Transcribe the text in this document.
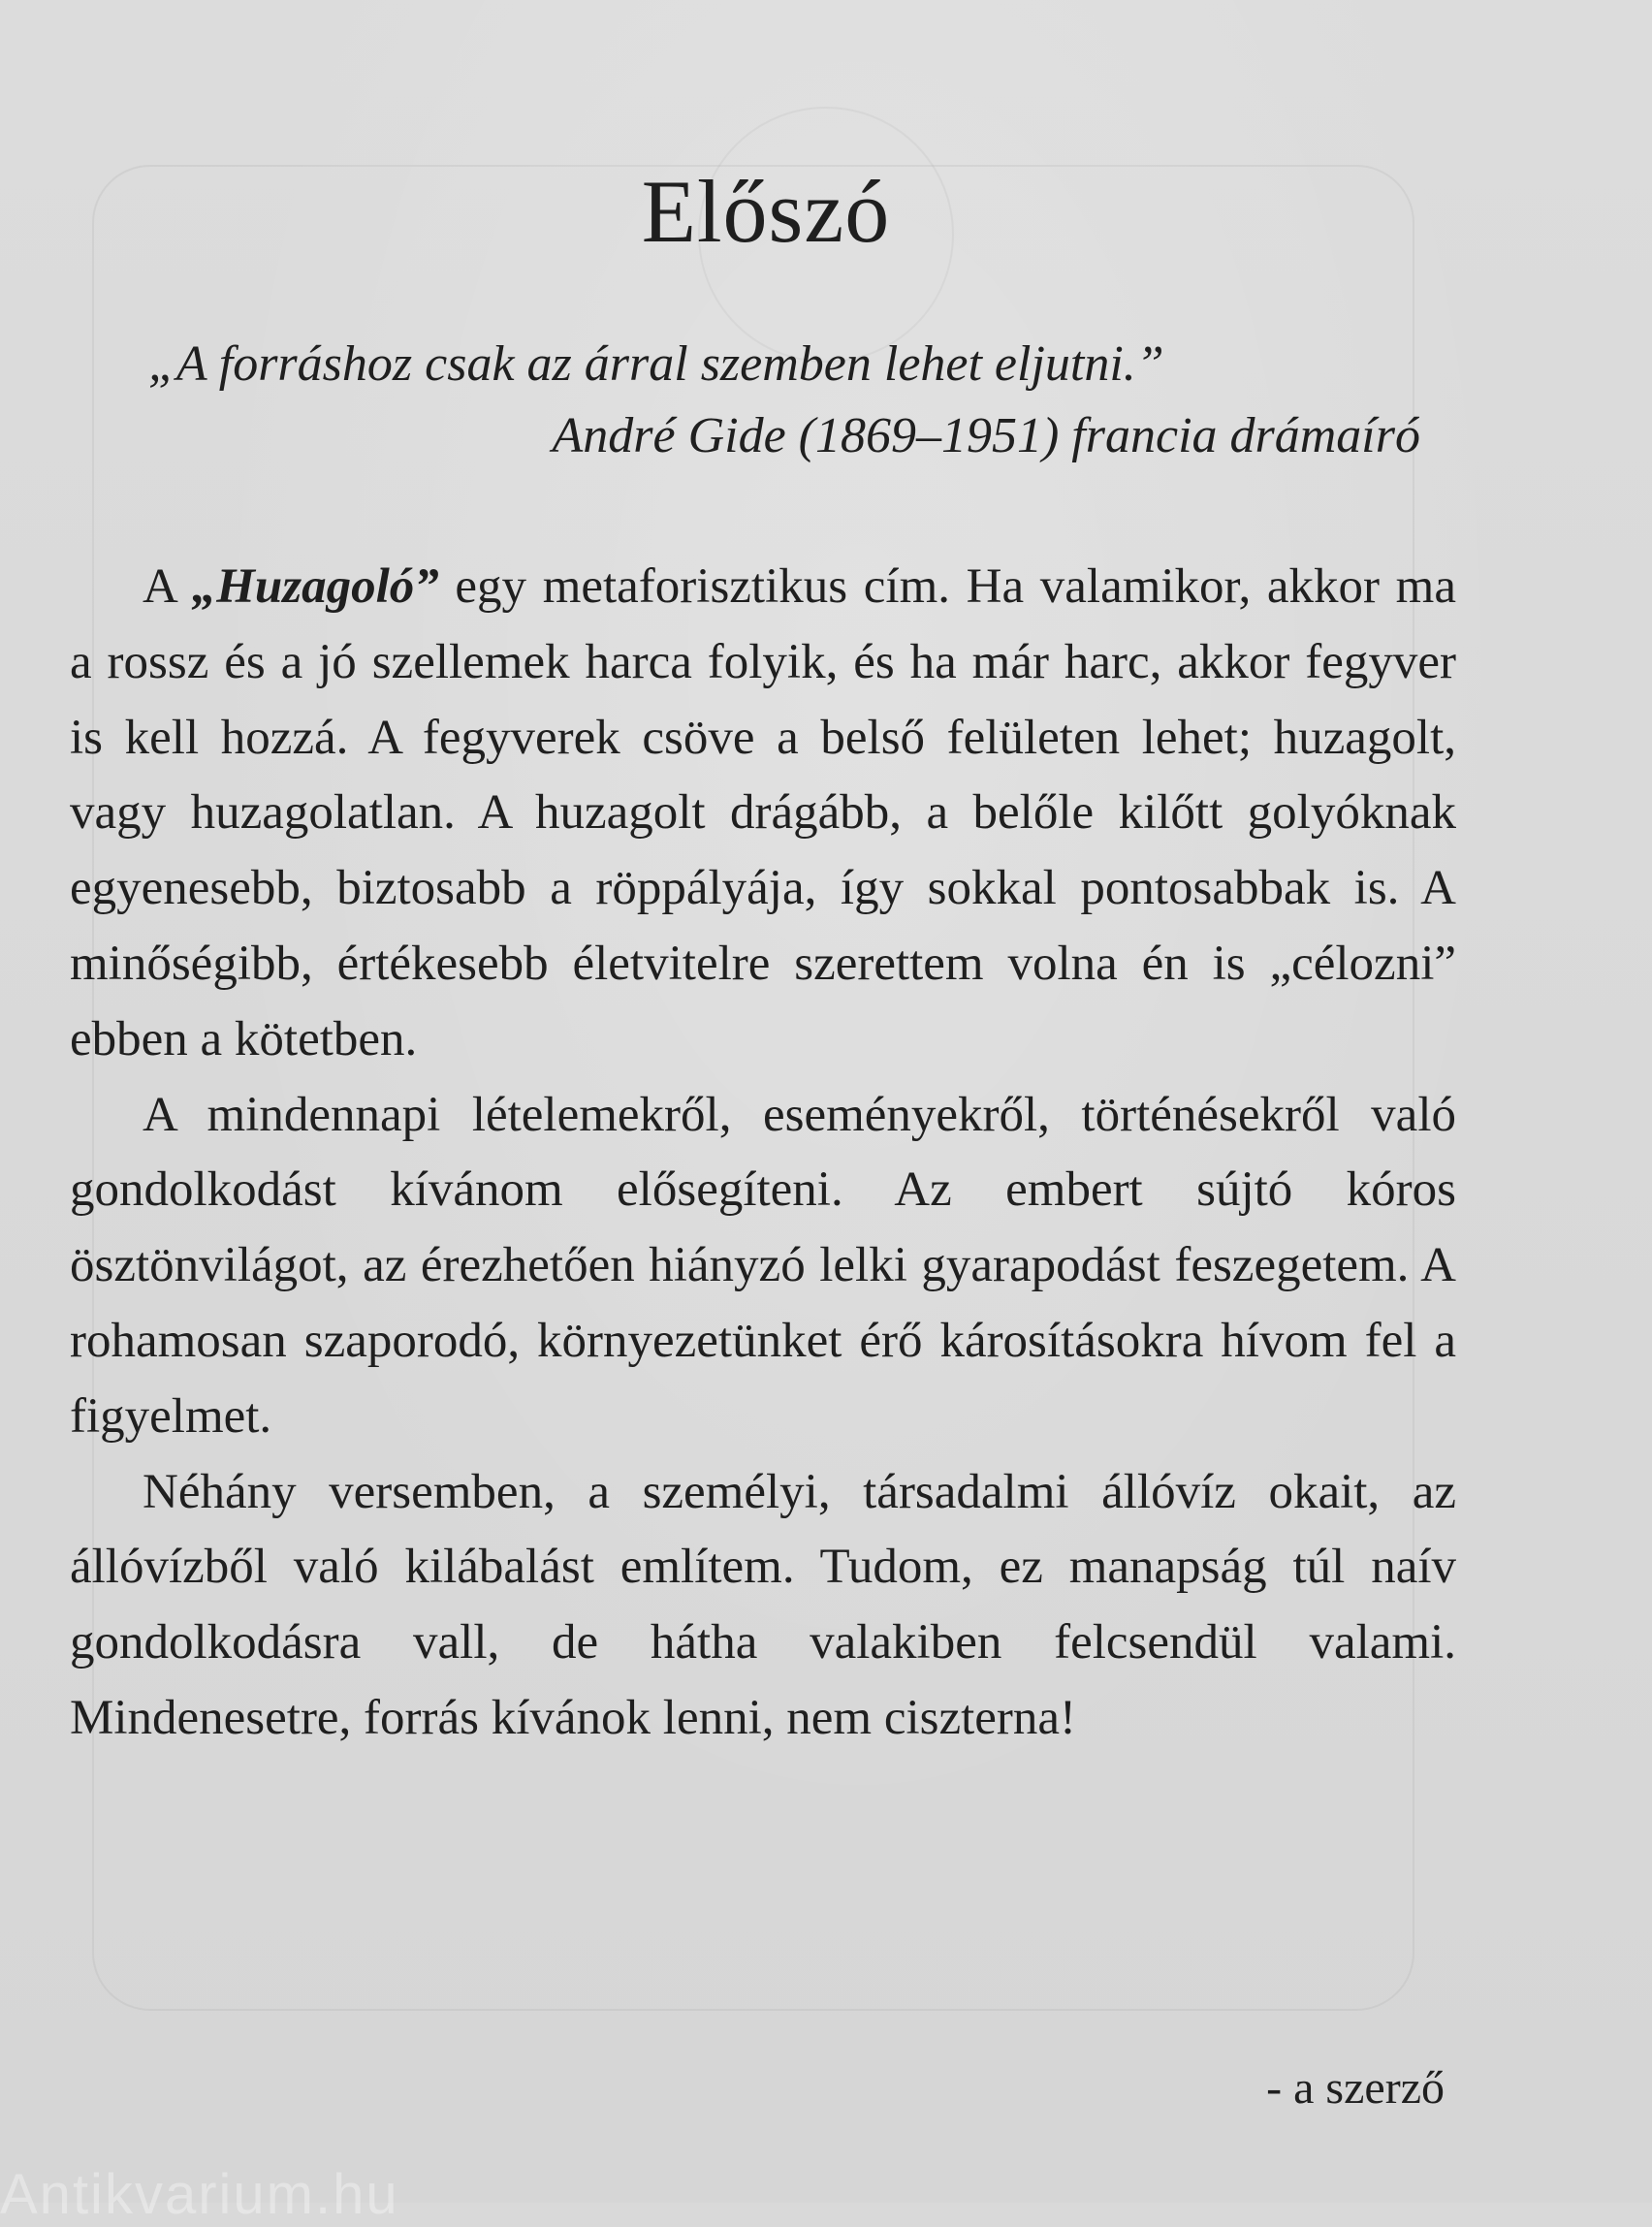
Előszó
„A forráshoz csak az árral szemben lehet eljutni.”
André Gide (1869–1951) francia drámaíró

A „Huzagoló” egy metaforisztikus cím. Ha valamikor, akkor ma a rossz és a jó szellemek harca folyik, és ha már harc, akkor fegyver is kell hozzá. A fegyverek csöve a belső felületen lehet; huzagolt, vagy huzagolatlan. A huzagolt drágább, a belőle kilőtt golyóknak egyenesebb, biztosabb a röppályája, így sokkal pontosabbak is. A minőségibb, értékesebb életvitelre szerettem volna én is „célozni” ebben a kötetben.

A mindennapi lételemekről, eseményekről, történésekről való gondolkodást kívánom elősegíteni. Az embert sújtó kóros ösztönvilágot, az érezhetően hiányzó lelki gyarapodást feszegetem. A rohamosan szaporodó, környezetünket érő károsításokra hívom fel a figyelmet.

Néhány versemben, a személyi, társadalmi állóvíz okait, az állóvízből való kilábalást említem. Tudom, ez manapság túl naív gondolkodásra vall, de hátha valakiben felcsendül valami. Mindenesetre, forrás kívánok lenni, nem ciszterna!

- a szerző
Antikvarium.hu
